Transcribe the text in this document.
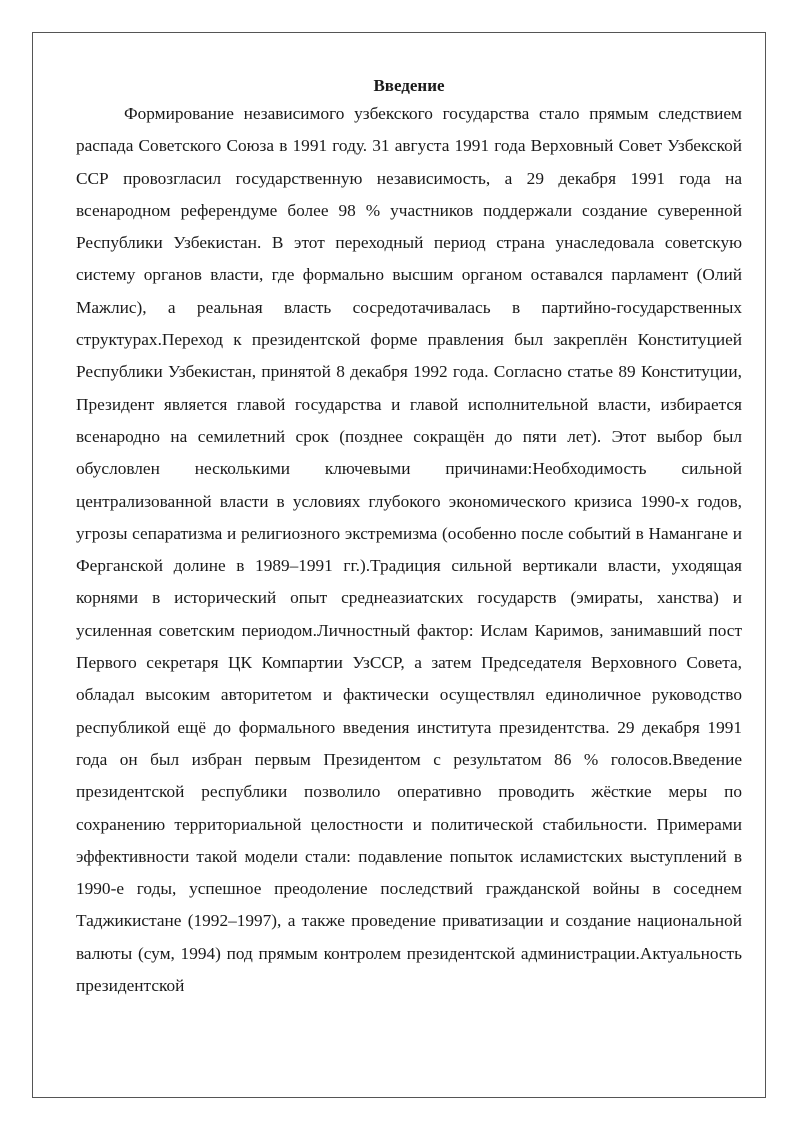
Введение

Формирование независимого узбекского государства стало прямым следствием распада Советского Союза в 1991 году. 31 августа 1991 года Верховный Совет Узбекской ССР провозгласил государственную независимость, а 29 декабря 1991 года на всенародном референдуме более 98 % участников поддержали создание суверенной Республики Узбекистан. В этот переходный период страна унаследовала советскую систему органов власти, где формально высшим органом оставался парламент (Олий Мажлис), а реальная власть сосредотачивалась в партийно-государственных структурах.Переход к президентской форме правления был закреплён Конституцией Республики Узбекистан, принятой 8 декабря 1992 года. Согласно статье 89 Конституции, Президент является главой государства и главой исполнительной власти, избирается всенародно на семилетний срок (позднее сокращён до пяти лет). Этот выбор был обусловлен несколькими ключевыми причинами:Необходимость сильной централизованной власти в условиях глубокого экономического кризиса 1990-х годов, угрозы сепаратизма и религиозного экстремизма (особенно после событий в Намангане и Ферганской долине в 1989–1991 гг.).Традиция сильной вертикали власти, уходящая корнями в исторический опыт среднеазиатских государств (эмираты, ханства) и усиленная советским периодом.Личностный фактор: Ислам Каримов, занимавший пост Первого секретаря ЦК Компартии УзССР, а затем Председателя Верховного Совета, обладал высоким авторитетом и фактически осуществлял единоличное руководство республикой ещё до формального введения института президентства. 29 декабря 1991 года он был избран первым Президентом с результатом 86 % голосов.Введение президентской республики позволило оперативно проводить жёсткие меры по сохранению территориальной целостности и политической стабильности. Примерами эффективности такой модели стали: подавление попыток исламистских выступлений в 1990-е годы, успешное преодоление последствий гражданской войны в соседнем Таджикистане (1992–1997), а также проведение приватизации и создание национальной валюты (сум, 1994) под прямым контролем президентской администрации.Актуальность президентской
